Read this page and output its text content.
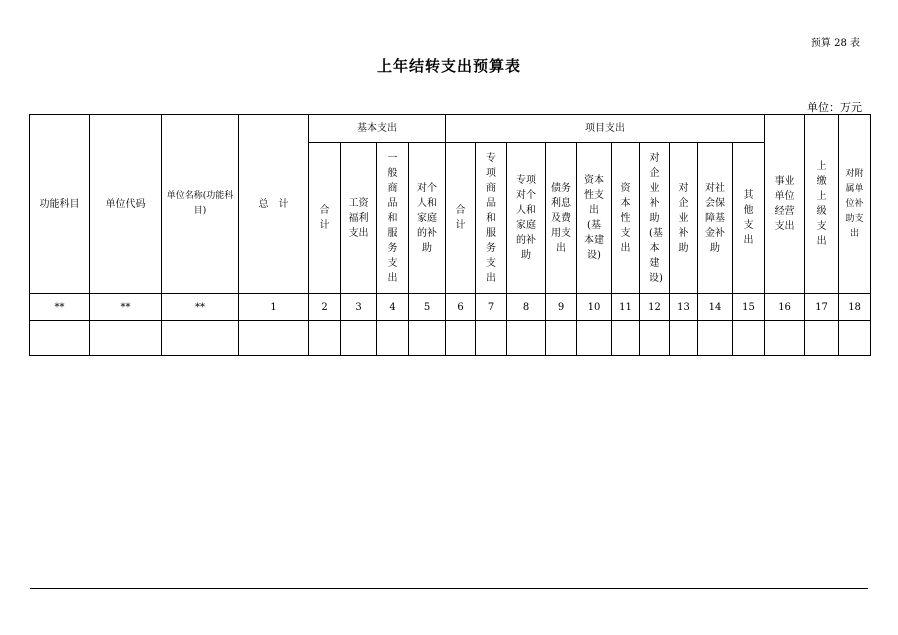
预算 28 表
上年结转支出预算表
单位：万元
功能科目	单位代码	单位名称(功能科目)	总　计	基本支出				项目支出										事业单位经营支出	上缴上级支出	对附属单位补助支出

				合计	工资福利支出	一般商品和服务支出	对个人和家庭的补助	合计	专项商品和服务支出	专项对个人和家庭的补助	债务利息及费用支出	资本性支出(基本建设)	资本性支出	对企业补助(基本建设)	对企业补助	对社会保障基金补助	其他支出			

**	**	**	1	2	3	4	5	6	7	8	9	10	11	12	13	14	15	16	17	18
